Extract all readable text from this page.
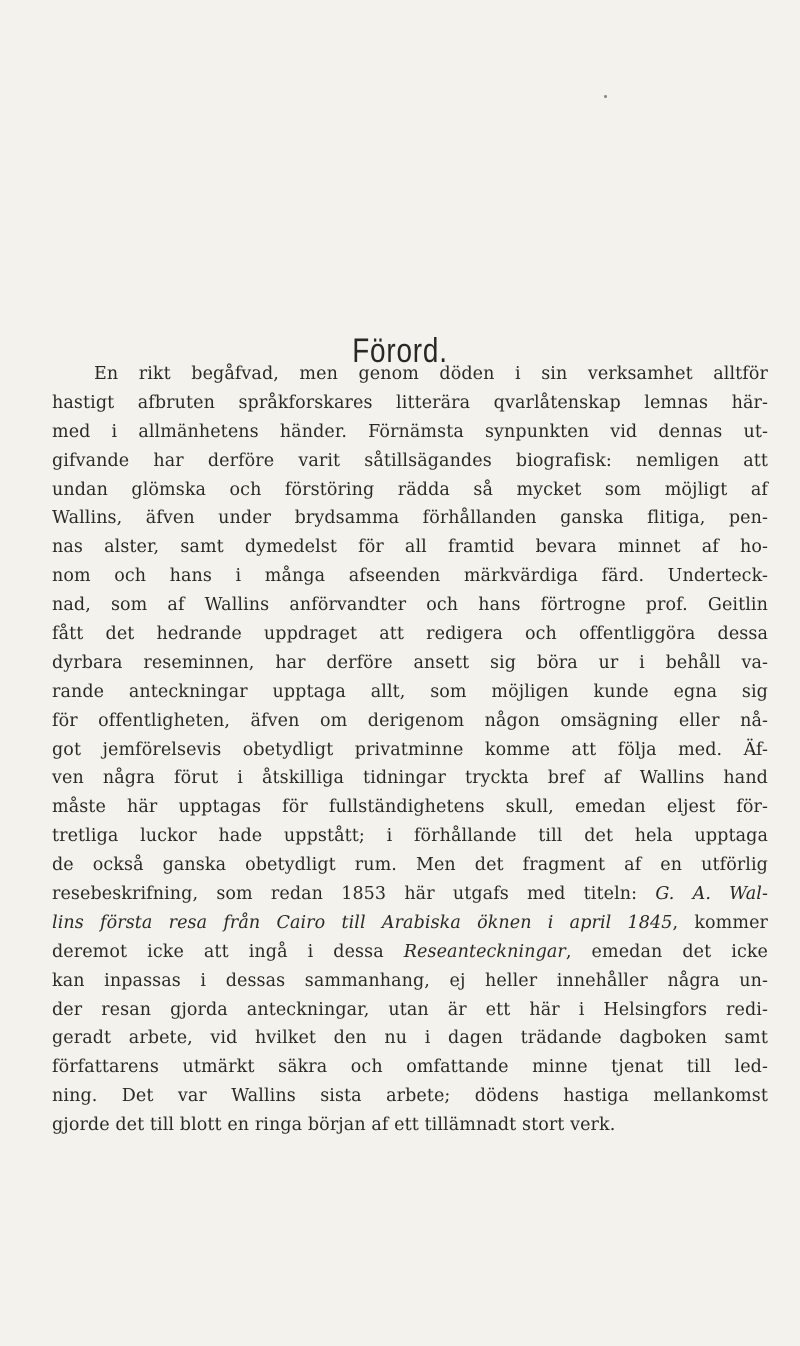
Förord.
En rikt begåfvad, men genom döden i sin verksamhet alltför
hastigt afbruten språkforskares litterära qvarlåtenskap lemnas här-
med i allmänhetens händer. Förnämsta synpunkten vid dennas ut-
gifvande har derföre varit såtillsägandes biografisk: nemligen att
undan glömska och förstöring rädda så mycket som möjligt af
Wallins, äfven under brydsamma förhållanden ganska flitiga, pen-
nas alster, samt dymedelst för all framtid bevara minnet af ho-
nom och hans i många afseenden märkvärdiga färd. Underteck-
nad, som af Wallins anförvandter och hans förtrogne prof. Geitlin
fått det hedrande uppdraget att redigera och offentliggöra dessa
dyrbara reseminnen, har derföre ansett sig böra ur i behåll va-
rande anteckningar upptaga allt, som möjligen kunde egna sig
för offentligheten, äfven om derigenom någon omsägning eller nå-
got jemförelsevis obetydligt privatminne komme att följa med. Äf-
ven några förut i åtskilliga tidningar tryckta bref af Wallins hand
måste här upptagas för fullständighetens skull, emedan eljest för-
tretliga luckor hade uppstått; i förhållande till det hela upptaga
de också ganska obetydligt rum. Men det fragment af en utförlig
resebeskrifning, som redan 1853 här utgafs med titeln: G. A. Wal-
lins första resa från Cairo till Arabiska öknen i april 1845, kommer
deremot icke att ingå i dessa Reseanteckningar, emedan det icke
kan inpassas i dessas sammanhang, ej heller innehåller några un-
der resan gjorda anteckningar, utan är ett här i Helsingfors redi-
geradt arbete, vid hvilket den nu i dagen trädande dagboken samt
författarens utmärkt säkra och omfattande minne tjenat till led-
ning. Det var Wallins sista arbete; dödens hastiga mellankomst
gjorde det till blott en ringa början af ett tillämnadt stort verk.
